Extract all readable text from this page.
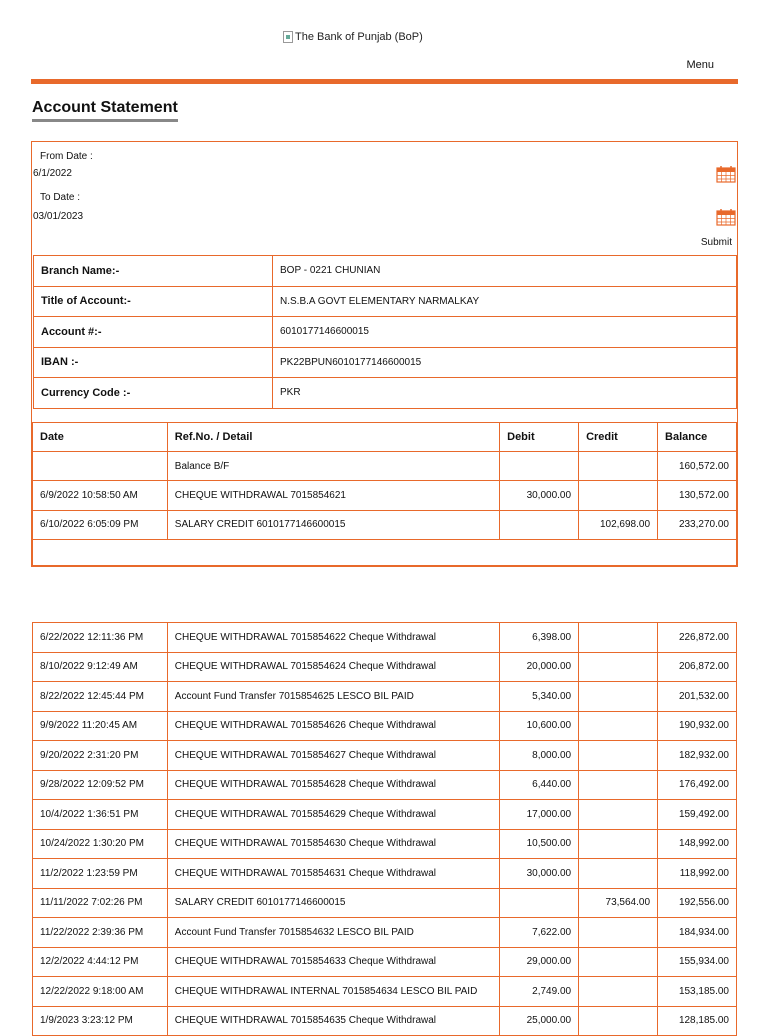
The Bank of Punjab (BoP)
Menu
Account Statement
From Date :
6/1/2022
To Date :
03/01/2023
Submit
Branch Name:-	BOP - 0221 CHUNIAN
Title of Account:-	N.S.B.A GOVT ELEMENTARY NARMALKAY
Account #:-	6010177146600015
IBAN :-	PK22BPUN6010177146600015
Currency Code :-	PKR
Date	Ref.No. / Detail	Debit	Credit	Balance
	Balance B/F			160,572.00
6/9/2022 10:58:50 AM	CHEQUE WITHDRAWAL 7015854621	30,000.00		130,572.00
6/10/2022 6:05:09 PM	SALARY CREDIT 6010177146600015		102,698.00	233,270.00

6/22/2022 12:11:36 PM	CHEQUE WITHDRAWAL 7015854622 Cheque Withdrawal	6,398.00		226,872.00
8/10/2022 9:12:49 AM	CHEQUE WITHDRAWAL 7015854624 Cheque Withdrawal	20,000.00		206,872.00
8/22/2022 12:45:44 PM	Account Fund Transfer 7015854625 LESCO BIL PAID	5,340.00		201,532.00
9/9/2022 11:20:45 AM	CHEQUE WITHDRAWAL 7015854626 Cheque Withdrawal	10,600.00		190,932.00
9/20/2022 2:31:20 PM	CHEQUE WITHDRAWAL 7015854627 Cheque Withdrawal	8,000.00		182,932.00
9/28/2022 12:09:52 PM	CHEQUE WITHDRAWAL 7015854628 Cheque Withdrawal	6,440.00		176,492.00
10/4/2022 1:36:51 PM	CHEQUE WITHDRAWAL 7015854629 Cheque Withdrawal	17,000.00		159,492.00
10/24/2022 1:30:20 PM	CHEQUE WITHDRAWAL 7015854630 Cheque Withdrawal	10,500.00		148,992.00
11/2/2022 1:23:59 PM	CHEQUE WITHDRAWAL 7015854631 Cheque Withdrawal	30,000.00		118,992.00
11/11/2022 7:02:26 PM	SALARY CREDIT 6010177146600015		73,564.00	192,556.00
11/22/2022 2:39:36 PM	Account Fund Transfer 7015854632 LESCO BIL PAID	7,622.00		184,934.00
12/2/2022 4:44:12 PM	CHEQUE WITHDRAWAL 7015854633 Cheque Withdrawal	29,000.00		155,934.00
12/22/2022 9:18:00 AM	CHEQUE WITHDRAWAL INTERNAL 7015854634 LESCO BIL PAID	2,749.00		153,185.00
1/9/2023 3:23:12 PM	CHEQUE WITHDRAWAL 7015854635 Cheque Withdrawal	25,000.00		128,185.00
